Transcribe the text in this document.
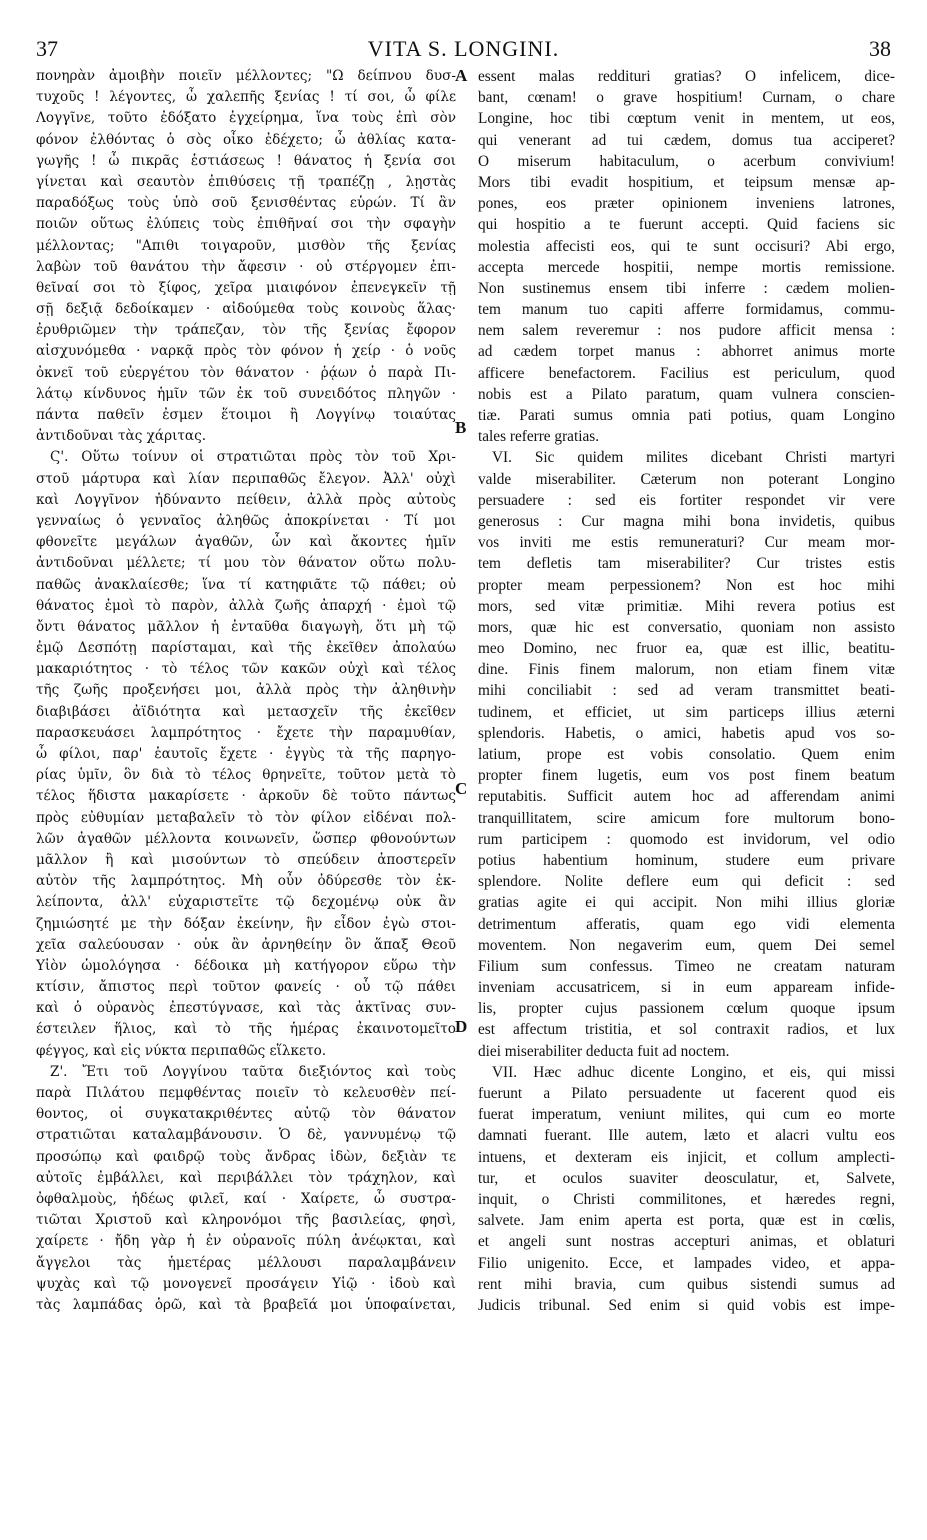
37	VITA S. LONGINI.	38
πονηρὰν ἀμοιβὴν ποιεῖν μέλλοντες; "Ω δείπνου δυσ-
τυχοῦς ! λέγοντες, ὦ χαλεπῆς ξενίας ! τί σοι, ὦ φίλε
Λογγῖνε, τοῦτο ἐδόξατο ἐγχείρημα, ἵνα τοὺς ἐπὶ σὸν
φόνον ἐλθόντας ὁ σὸς οἶκο ἐδέχετο; ὦ ἀθλίας κατα-
γωγῆς ! ὦ πικρᾶς ἑστιάσεως ! θάνατος ἡ ξενία σοι
γίνεται καὶ σεαυτὸν ἐπιθύσεις τῇ τραπέζῃ , λῃστὰς
παραδόξως τοὺς ὑπὸ σοῦ ξενισθέντας εὑρών. Τί ἂν
ποιῶν οὕτως ἐλύπεις τοὺς ἐπιθῆναί σοι τὴν σφαγὴν
μέλλοντας; "Απιθι τοιγαροῦν, μισθὸν τῆς ξενίας
λαβὼν τοῦ θανάτου τὴν ἄφεσιν · οὐ στέργομεν ἐπι-
θεῖναί σοι τὸ ξίφος, χεῖρα μιαιφόνον ἐπενεγκεῖν τῇ
σῇ δεξιᾷ δεδοίκαμεν · αἰδούμεθα τοὺς κοινοὺς ἅλας·
ἐρυθριῶμεν τὴν τράπεζαν, τὸν τῆς ξενίας ἔφορον
αἰσχυνόμεθα · ναρκᾷ πρὸς τὸν φόνον ἡ χείρ · ὁ νοῦς
ὀκνεῖ τοῦ εὐεργέτου τὸν θάνατον · ῥᾴων ὁ παρὰ Πι-
λάτῳ κίνδυνος ἡμῖν τῶν ἐκ τοῦ συνειδότος πληγῶν ·
πάντα παθεῖν ἐσμεν ἕτοιμοι ἢ Λογγίνῳ τοιαύτας
ἀντιδοῦναι τὰς χάριτας.
Ϛ'. Οὕτω τοίνυν οἱ στρατιῶται πρὸς τὸν τοῦ Χρι-
στοῦ μάρτυρα καὶ λίαν περιπαθῶς ἔλεγον. Ἀλλ' οὐχὶ
καὶ Λογγῖνον ἠδύναντο πείθειν, ἀλλὰ πρὸς αὐτοὺς
γενναίως ὁ γενναῖος ἀληθῶς ἀποκρίνεται · Τί μοι
φθονεῖτε μεγάλων ἀγαθῶν, ὧν καὶ ἄκοντες ἡμῖν
ἀντιδοῦναι μέλλετε; τί μου τὸν θάνατον οὕτω πολυ-
παθῶς ἀνακλαίεσθε; ἵνα τί κατηφιᾶτε τῷ πάθει; οὐ
θάνατος ἐμοὶ τὸ παρὸν, ἀλλὰ ζωῆς ἀπαρχή · ἐμοὶ τῷ
ὄντι θάνατος μᾶλλον ἡ ἐνταῦθα διαγωγὴ, ὅτι μὴ τῷ
ἐμῷ Δεσπότῃ παρίσταμαι, καὶ τῆς ἐκεῖθεν ἀπολαύω
μακαριότητος · τὸ τέλος τῶν κακῶν οὐχὶ καὶ τέλος
τῆς ζωῆς προξενήσει μοι, ἀλλὰ πρὸς τὴν ἀληθινὴν
διαβιβάσει ἀϊδιότητα καὶ μετασχεῖν τῆς ἐκεῖθεν
παρασκευάσει λαμπρότητος · ἔχετε τὴν παραμυθίαν,
ὦ φίλοι, παρ' ἑαυτοῖς ἔχετε · ἐγγὺς τὰ τῆς παρηγο-
ρίας ὑμῖν, ὃν διὰ τὸ τέλος θρηνεῖτε, τοῦτον μετὰ τὸ
τέλος ἥδιστα μακαρίσετε · ἀρκοῦν δὲ τοῦτο πάντως
πρὸς εὐθυμίαν μεταβαλεῖν τὸ τὸν φίλον εἰδέναι πολ-
λῶν ἀγαθῶν μέλλοντα κοινωνεῖν, ὥσπερ φθονούντων
μᾶλλον ἢ καὶ μισούντων τὸ σπεύδειν ἀποστερεῖν
αὐτὸν τῆς λαμπρότητος. Μὴ οὖν ὀδύρεσθε τὸν ἐκ-
λείποντα, ἀλλ' εὐχαριστεῖτε τῷ δεχομένῳ οὐκ ἂν
ζημιώσητέ με τὴν δόξαν ἐκείνην, ἣν εἶδον ἐγὼ στοι-
χεῖα σαλεύουσαν · οὐκ ἂν ἀρνηθείην ὃν ἅπαξ Θεοῦ
Υἱὸν ὡμολόγησα · δέδοικα μὴ κατήγορον εὕρω τὴν
κτίσιν, ἄπιστος περὶ τοῦτον φανείς · οὗ τῷ πάθει
καὶ ὁ οὐρανὸς ἐπεστύγνασε, καὶ τὰς ἀκτῖνας συν-
έστειλεν ἥλιος, καὶ τὸ τῆς ἡμέρας ἐκαινοτομεῖτο
φέγγος, καὶ εἰς νύκτα περιπαθῶς εἵλκετο.
Ζ'. Ἔτι τοῦ Λογγίνου ταῦτα διεξιόντος καὶ τοὺς
παρὰ Πιλάτου πεμφθέντας ποιεῖν τὸ κελευσθὲν πεί-
θοντος, οἱ συγκατακριθέντες αὐτῷ τὸν θάνατον
στρατιῶται καταλαμβάνουσιν. Ὁ δὲ, γαννυμένῳ τῷ
προσώπῳ καὶ φαιδρῷ τοὺς ἄνδρας ἰδὼν, δεξιὰν τε
αὐτοῖς ἐμβάλλει, καὶ περιβάλλει τὸν τράχηλον, καὶ
ὀφθαλμοὺς, ἡδέως φιλεῖ, καί · Χαίρετε, ὦ συστρα-
τιῶται Χριστοῦ καὶ κληρονόμοι τῆς βασιλείας, φησὶ,
χαίρετε · ἤδη γὰρ ἡ ἐν οὐρανοῖς πύλη ἀνέῳκται, καὶ
ἄγγελοι τὰς ἡμετέρας μέλλουσι παραλαμβάνειν
ψυχὰς καὶ τῷ μονογενεῖ προσάγειν Υἱῷ · ἰδοὺ καὶ
τὰς λαμπάδας ὁρῶ, καὶ τὰ βραβεῖά μοι ὑποφαίνεται,
essent malas redditurі gratias? O infelicem, dice-
bant, cœnam! o grave hospitium! Curnam, o chare
Longine, hoc tibi cœptum venit in mentem, ut eos,
qui venerant ad tui cædem, domus tua acciperet?
O miserum habitaculum, o acerbum convivium!
Mors tibi evadit hospitium, et teipsum mensæ ap-
pones, eos præter opinionem inveniens latrones,
qui hospitio a te fuerunt accepti. Quid faciens sic
molestia affecisti eos, qui te sunt occisuri? Abi ergo,
accepta mercede hospitii, nempe mortis remissione.
Non sustinemus ensem tibi inferre : cædem molien-
tem manum tuo capiti afferre formidamus, commu-
nem salem reveremur : nos pudore afficit mensa :
ad cædem torpet manus : abhorret animus morte
afficere benefactorem. Facilius est periculum, quod
nobis est a Pilato paratum, quam vulnera conscien-
tiæ. Parati sumus omnia pati potius, quam Longino
tales referre gratias.
VI. Sic quidem milites dicebant Christi martyri
valde miserabiliter. Cæterum non poterant Longino
persuadere : sed eis fortiter respondet vir vere
generosus : Cur magna mihi bona invidetis, quibus
vos inviti me estis remuneraturi? Cur meam mor-
tem defletis tam miserabiliter? Cur tristes estis
propter meam perpessionem? Non est hoc mihi
mors, sed vitæ primitiæ. Mihi revera potius est
mors, quæ hic est conversatio, quoniam non assisto
meo Domino, nec fruor ea, quæ est illic, beatitu-
dine. Finis finem malorum, non etiam finem vitæ
mihi conciliabit : sed ad veram transmittet beati-
tudinem, et efficiet, ut sim particeps illius æterni
splendoris. Habetis, o amici, habetis apud vos so-
latium, prope est vobis consolatio. Quem enim
propter finem lugetis, eum vos post finem beatum
reputabitis. Sufficit autem hoc ad afferendam animi
tranquillitatem, scire amicum fore multorum bono-
rum participem : quomodo est invidorum, vel odio
potius habentium hominum, studere eum privare
splendore. Nolite deflere eum qui deficit : sed
gratias agite ei qui accipit. Non mihi illius gloriæ
detrimentum afferatis, quam ego vidi elementa
moventem. Non negaverim eum, quem Dei semel
Filium sum confessus. Timeo ne creatam naturam
inveniam accusatricem, si in eum appaream infide-
lis, propter cujus passionem cœlum quoque ipsum
est affectum tristitia, et sol contraxit radios, et lux
diei miserabiliter deducta fuit ad noctem.
VII. Hæc adhuc dicente Longino, et eis, qui missi
fuerunt a Pilato persuadente ut facerent quod eis
fuerat imperatum, veniunt milites, qui cum eo morte
damnati fuerant. Ille autem, læto et alacri vultu eos
intuens, et dexteram eis injicit, et collum amplecti-
tur, et oculos suaviter deosculatur, et, Salvete,
inquit, o Christi commilitones, et hæredes regni,
salvete. Jam enim aperta est porta, quæ est in cœlis,
et angeli sunt nostras accepturi animas, et oblaturi
Filio unigenito. Ecce, et lampades video, et appa-
rent mihi bravia, cum quibus sistendi sumus ad
Judicis tribunal. Sed enim si quid vobis est impe-
A
B
C
D
